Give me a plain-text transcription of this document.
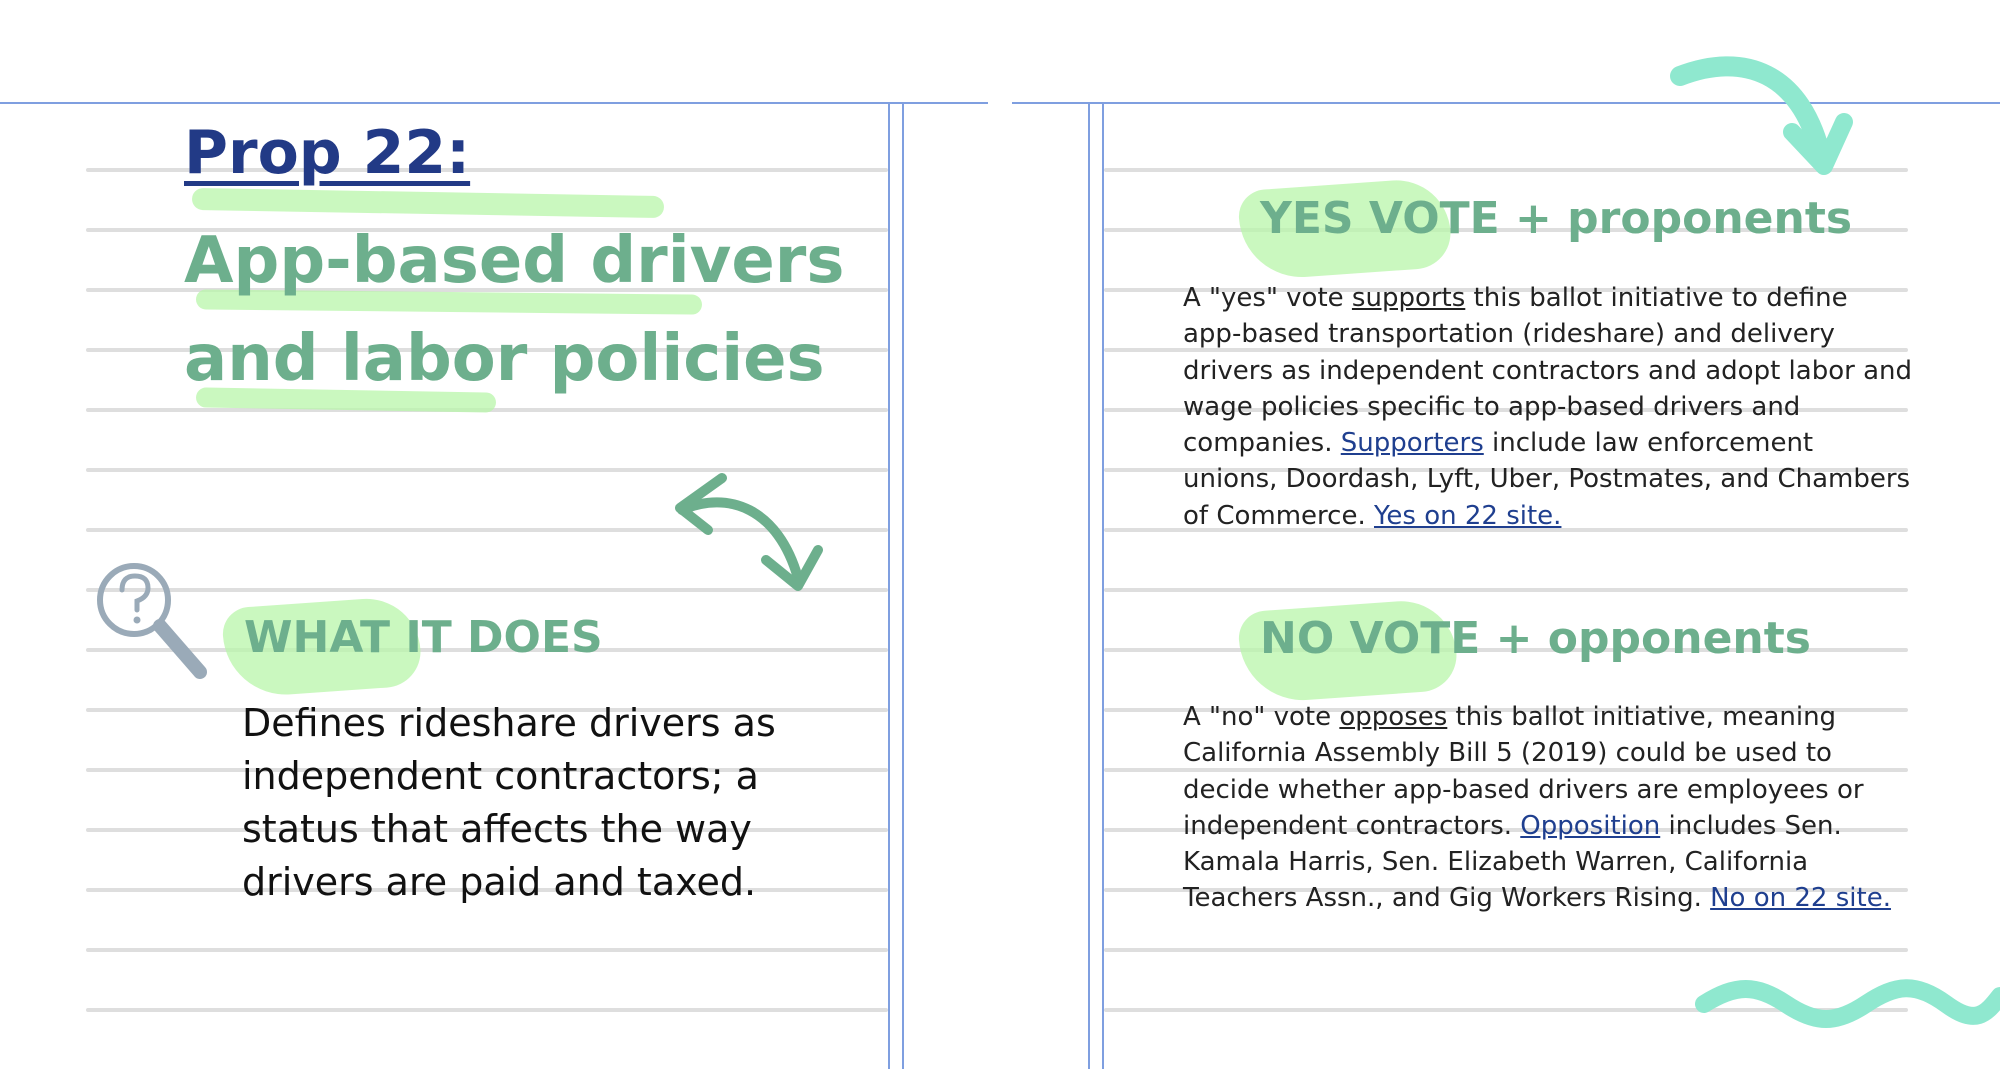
Prop 22:
App-based drivers
and labor policies
WHAT IT DOES

Defines rideshare drivers as independent contractors; a status that affects the way drivers are paid and taxed.

YES VOTE + proponents

A "yes" vote supports this ballot initiative to define app-based transportation (rideshare) and delivery drivers as independent contractors and adopt labor and wage policies specific to app-based drivers and companies. Supporters include law enforcement unions, Doordash, Lyft, Uber, Postmates, and Chambers of Commerce. Yes on 22 site.

NO VOTE + opponents

A "no" vote opposes this ballot initiative, meaning California Assembly Bill 5 (2019) could be used to decide whether app-based drivers are employees or independent contractors. Opposition includes Sen. Kamala Harris, Sen. Elizabeth Warren, California Teachers Assn., and Gig Workers Rising. No on 22 site.
